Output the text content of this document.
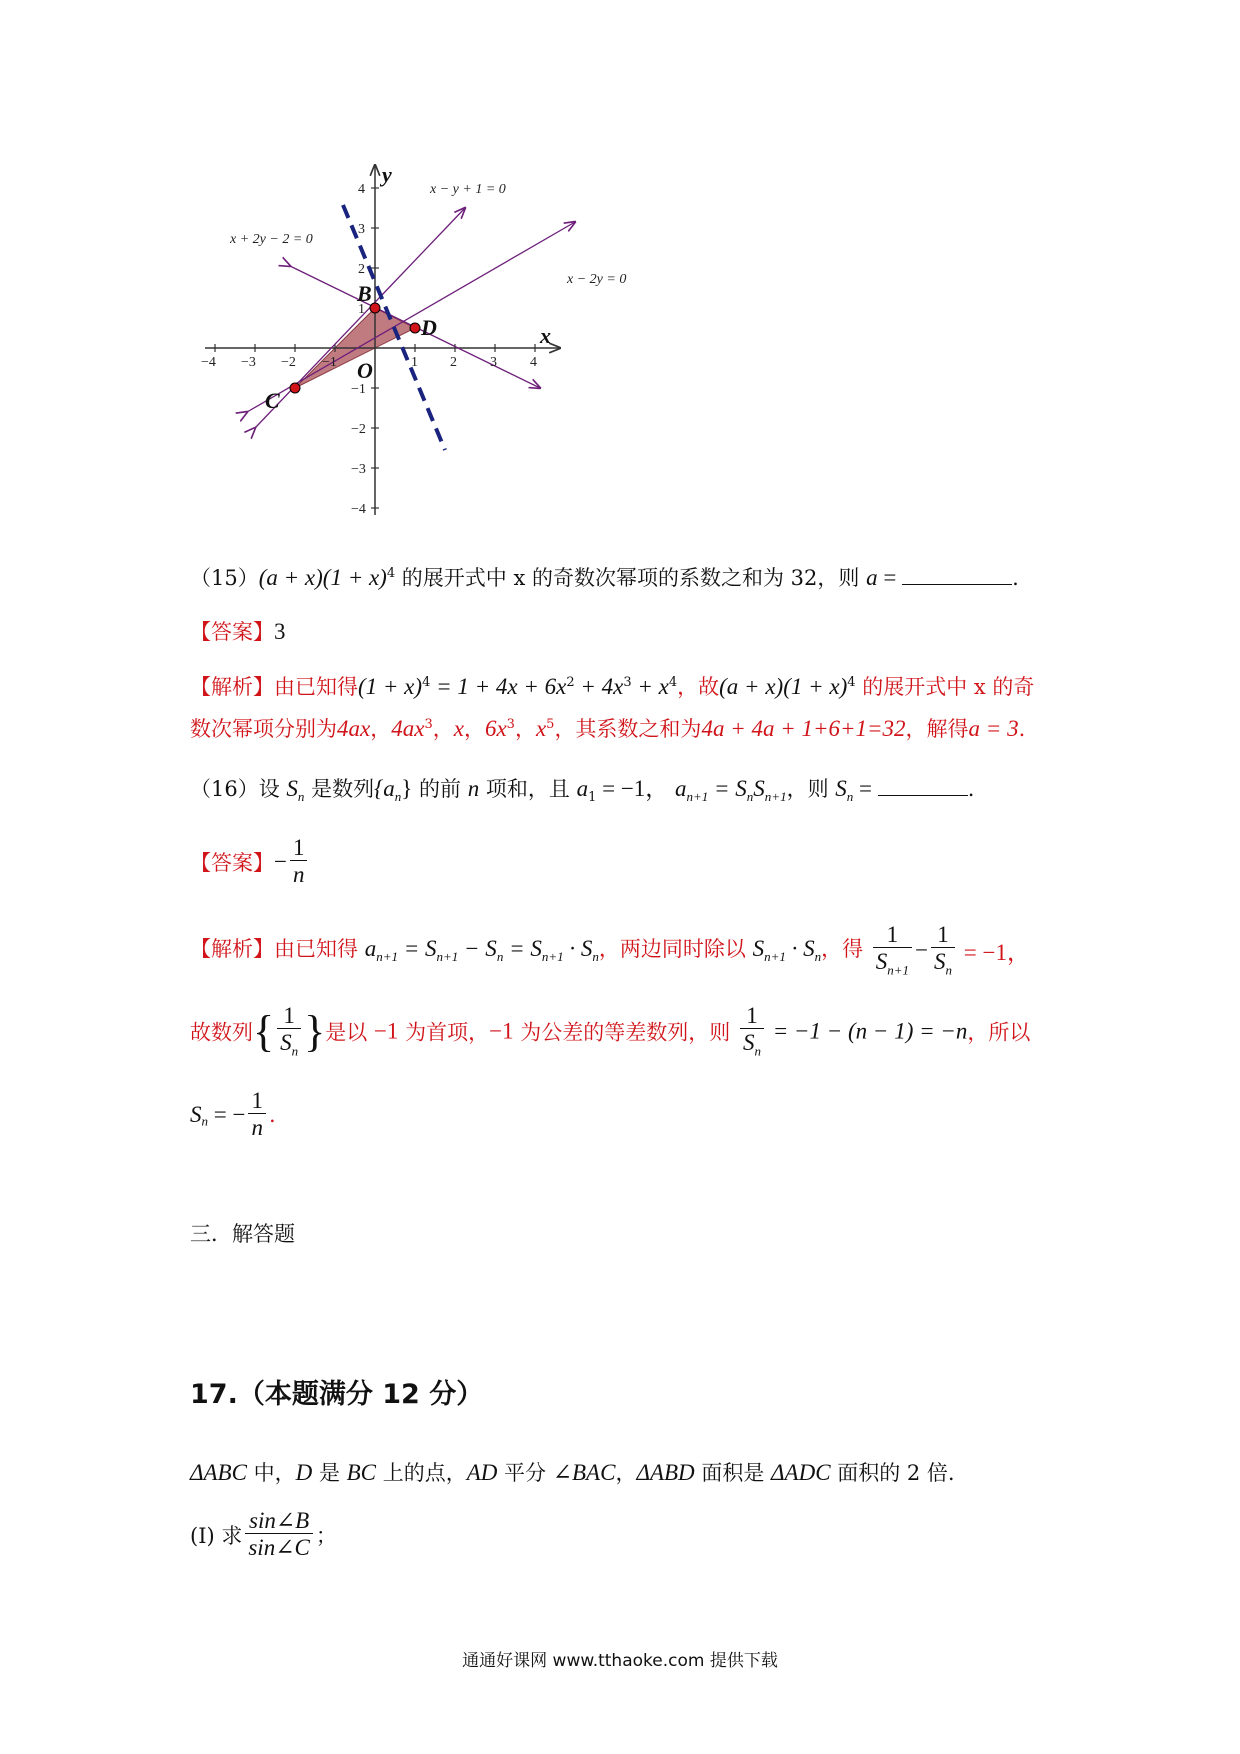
−4 −3 −2 −1	1 2 3 4
4
3
2
1
−1
−2
−3
−4
x − y + 1 = 0
x + 2y − 2 = 0
x − 2y = 0
y
x
O
B
C
D
$(15)(a + x)(1 + x)^4$ 的展开式中 x 的奇数次幂项的系数之和为 32，则 a =	.
【答案】3
【解析】由已知得$(1 + x)^4 = 1 + 4x + 6x^2 + 4x^3 + x^4$，故$(a + x)(1 + x)^4$ 的展开式中 x 的奇
数次幂项分别为4ax，$4ax^3$，x，$6x^3$，$x^5$，其系数之和为4a + 4a + 1+6+1=32，解得a = 3.
（16）设 $S_n$ 是数列$\{a_n\}$ 的前 n 项和，且 $a_1 = -1$， $a_{n+1} = S_nS_{n+1}$，则 $S_n$ =	.
【答案】− $\frac{1}{n}$
【解析】由已知得 $a_{n+1} = S_{n+1} - S_n = S_{n+1} \cdot S_n$，两边同时除以 $S_{n+1} \cdot S_n$，得 $\frac{1}{S_{n+1}} - \frac{1}{S_n} = -1$，
故数列{ $\frac{1}{S_n}$ }是以 −1 为首项，−1 为公差的等差数列，则 $\frac{1}{S_n} = -1 - (n - 1) = -n$，所以
$S_n$ = − $\frac{1}{n}$ .
三．解答题
17.（本题满分 12 分）
ΔABC 中，D 是 BC 上的点，AD 平分 ∠BAC，ΔABD 面积是 ΔADC 面积的 2 倍.
(I) 求 $\frac{\sin\angle B}{\sin\angle C}$ ；
通通好课网 www.tthaoke.com 提供下载
